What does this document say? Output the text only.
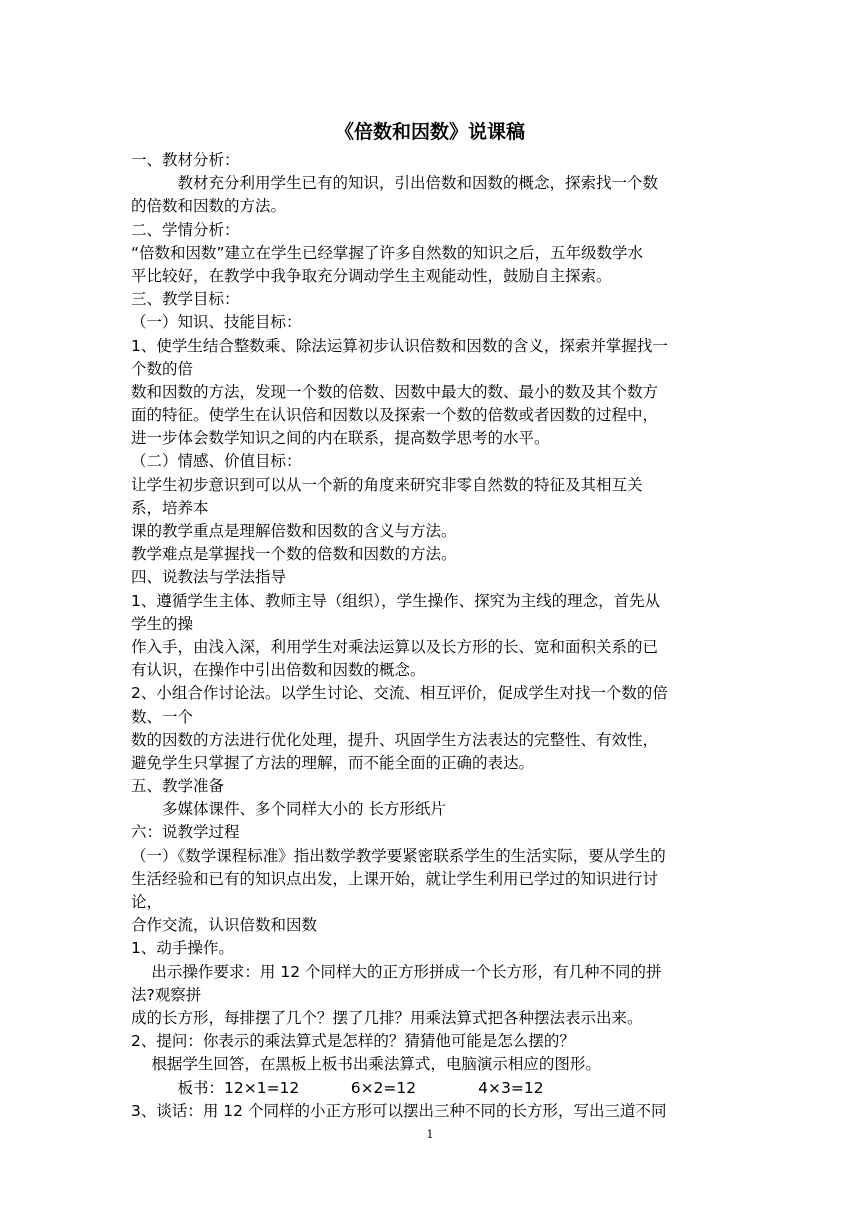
《倍数和因数》说课稿
一、教材分析：
　　　教材充分利用学生已有的知识，引出倍数和因数的概念，探索找一个数
的倍数和因数的方法。
二、学情分析：
“倍数和因数”建立在学生已经掌握了许多自然数的知识之后，五年级数学水
平比较好，在教学中我争取充分调动学生主观能动性，鼓励自主探索。
三、教学目标：
（一）知识、技能目标：
1、使学生结合整数乘、除法运算初步认识倍数和因数的含义，探索并掌握找一
个数的倍
数和因数的方法，发现一个数的倍数、因数中最大的数、最小的数及其个数方
面的特征。使学生在认识倍和因数以及探索一个数的倍数或者因数的过程中，
进一步体会数学知识之间的内在联系，提高数学思考的水平。
（二）情感、价值目标：
让学生初步意识到可以从一个新的角度来研究非零自然数的特征及其相互关
系，培养本
课的教学重点是理解倍数和因数的含义与方法。
教学难点是掌握找一个数的倍数和因数的方法。
四、说教法与学法指导
1、遵循学生主体、教师主导（组织），学生操作、探究为主线的理念，首先从
学生的操
作入手，由浅入深，利用学生对乘法运算以及长方形的长、宽和面积关系的已
有认识，在操作中引出倍数和因数的概念。
2、小组合作讨论法。以学生讨论、交流、相互评价，促成学生对找一个数的倍
数、一个
数的因数的方法进行优化处理，提升、巩固学生方法表达的完整性、有效性，
避免学生只掌握了方法的理解，而不能全面的正确的表达。
五、教学准备
　　多媒体课件、多个同样大小的 长方形纸片
六：说教学过程
（一）《数学课程标准》指出数学教学要紧密联系学生的生活实际，要从学生的
生活经验和已有的知识点出发，上课开始，就让学生利用已学过的知识进行讨
论，
合作交流，认识倍数和因数
1、动手操作。
　 出示操作要求：用 12 个同样大的正方形拼成一个长方形，有几种不同的拼
法?观察拼
成的长方形，每排摆了几个？摆了几排？用乘法算式把各种摆法表示出来。
2、提问：你表示的乘法算式是怎样的？猜猜他可能是怎么摆的？
　 根据学生回答，在黑板上板书出乘法算式，电脑演示相应的图形。
　　　板书：12×1=12　　　 6×2=12　　　　4×3=12
3、谈话：用 12 个同样的小正方形可以摆出三种不同的长方形，写出三道不同
1
